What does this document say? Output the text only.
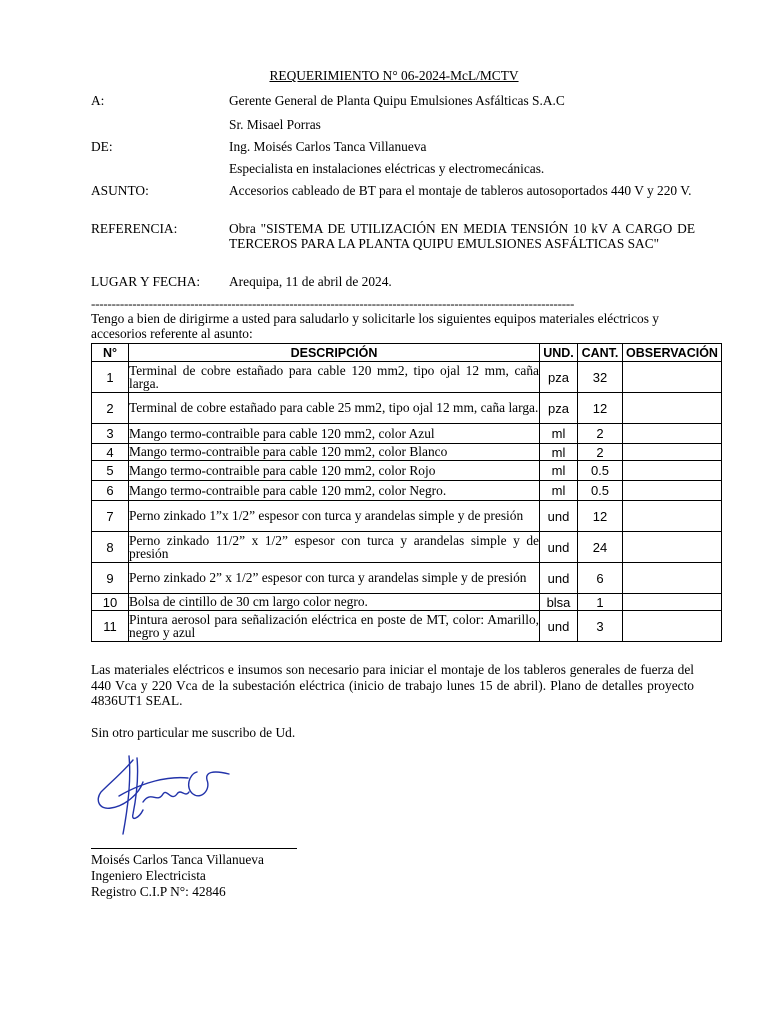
REQUERIMIENTO N° 06-2024-McL/MCTV
A:	Gerente General de Planta Quipu Emulsiones Asfálticas S.A.C
Sr. Misael Porras
DE:	Ing. Moisés Carlos Tanca Villanueva
Especialista en instalaciones eléctricas y electromecánicas.
ASUNTO:	Accesorios cableado de BT para el montaje de tableros autosoportados 440 V y 220 V.
REFERENCIA:	Obra "SISTEMA DE UTILIZACIÓN EN MEDIA TENSIÓN 10 kV A CARGO DE TERCEROS PARA LA PLANTA QUIPU EMULSIONES ASFÁLTICAS SAC"
LUGAR Y FECHA: Arequipa, 11 de abril de 2024.
---------------------------------------------------------------------------------------------------------------------
Tengo a bien de dirigirme a usted para saludarlo y solicitarle los siguientes equipos materiales eléctricos y accesorios referente al asunto:
N°	DESCRIPCIÓN	UND.	CANT.	OBSERVACIÓN
1	Terminal de cobre estañado para cable 120 mm2, tipo ojal 12 mm, caña larga.	pza	32	
2	Terminal de cobre estañado para cable 25 mm2, tipo ojal 12 mm, caña larga.	pza	12	
3	Mango termo-contraible para cable 120 mm2, color Azul	ml	2	
4	Mango termo-contraible para cable 120 mm2, color Blanco	ml	2	
5	Mango termo-contraible para cable 120 mm2, color Rojo	ml	0.5	
6	Mango termo-contraible para cable 120 mm2, color Negro.	ml	0.5	
7	Perno zinkado 1”x 1/2” espesor con turca y arandelas simple y de presión	und	12	
8	Perno zinkado 11/2” x 1/2” espesor con turca y arandelas simple y de presión	und	24	
9	Perno zinkado 2” x 1/2” espesor con turca y arandelas simple y de presión	und	6	
10	Bolsa de cintillo de 30 cm largo color negro.	blsa	1	
11	Pintura aerosol para señalización eléctrica en poste de MT, color: Amarillo, negro y azul	und	3	
Las materiales eléctricos e insumos son necesario para iniciar el montaje de los tableros generales de fuerza del 440 Vca y 220 Vca de la subestación eléctrica (inicio de trabajo lunes 15 de abril). Plano de detalles proyecto 4836UT1 SEAL.
Sin otro particular me suscribo de Ud.
Moisés Carlos Tanca Villanueva
Ingeniero Electricista
Registro C.I.P N°: 42846
